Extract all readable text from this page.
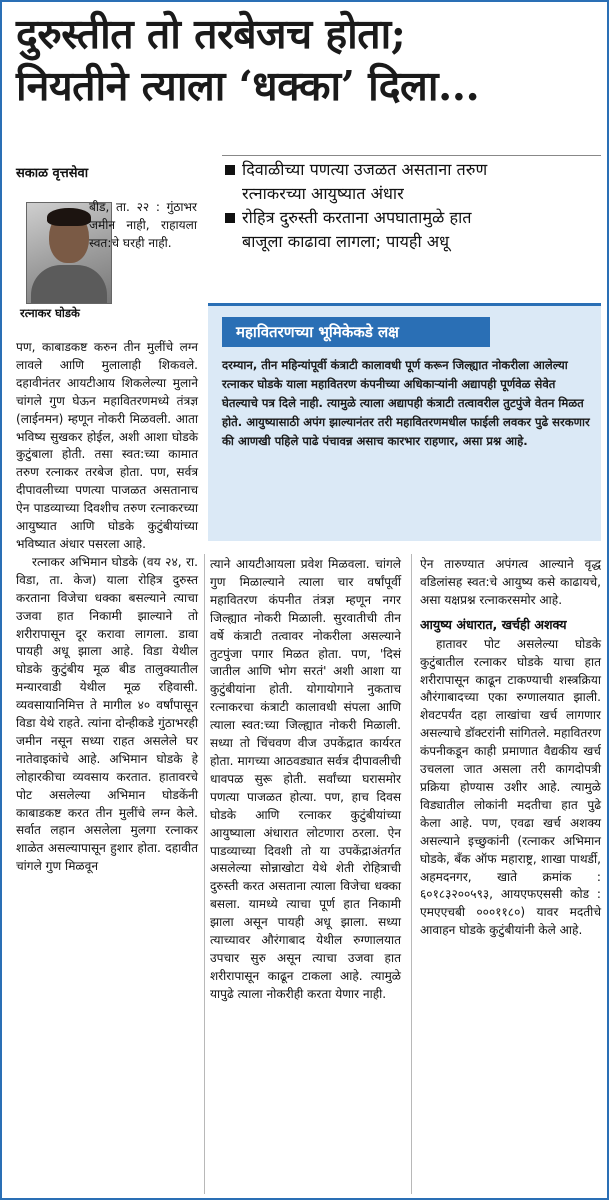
दुरुस्तीत तो तरबेजच होता;
नियतीने त्याला ‘धक्का’ दिला...
सकाळ वृत्तसेवा	दिवाळीच्या पणत्या उजळत असताना तरुण
रत्नाकरच्या आयुष्यात अंधार
रोहित्र दुरुस्ती करताना अपघातामुळे हात
बाजूला काढावा लागला; पायही अधू
रत्नाकर घोडके

बीड, ता. २२ : गुंठाभर जमीन नाही, राहायला स्वत:चे घरही नाही.

पण, काबाडकष्ट करुन तीन मुलींचे लग्न लावले आणि मुलालाही शिकवले. दहावीनंतर आयटीआय शिकलेल्या मुलाने चांगले गुण घेऊन महावितरणमध्ये तंत्रज्ञ (लाईनमन) म्हणून नोकरी मिळवली. आता भविष्य सुखकर होईल, अशी आशा घोडके कुटुंबाला होती. तसा स्वत:च्या कामात तरुण रत्नाकर तरबेज होता. पण, सर्वत्र दीपावलीच्या पणत्या पाजळत असतानाच ऐन पाडव्याच्या दिवशीच तरुण रत्नाकरच्या आयुष्यात आणि घोडके कुटुंबीयांच्या भविष्यात अंधार पसरला आहे.

रत्नाकर अभिमान घोडके (वय २४, रा. विडा, ता. केज) याला रोहित्र दुरुस्त करताना विजेचा धक्का बसल्याने त्याचा उजवा हात निकामी झाल्याने तो शरीरापासून दूर करावा लागला. डावा पायही अधू झाला आहे. विडा येथील घोडके कुटुंबीय मूळ बीड तालुक्यातील मन्यारवाडी येथील मूळ रहिवासी. व्यवसायानिमित्त ते मागील ४० वर्षांपासून विडा येथे राहते. त्यांना दोन्हीकडे गुंठाभरही जमीन नसून सध्या राहत असलेले घर नातेवाइकांचे आहे. अभिमान घोडके हे लोहारकीचा व्यवसाय करतात. हातावरचे पोट असलेल्या अभिमान घोडकेंनी काबाडकष्ट करत तीन मुलींचे लग्न केले. सर्वात लहान असलेला मुलगा रत्नाकर शाळेत असल्यापासून हुशार होता. दहावीत चांगले गुण मिळवून

महावितरणच्या भूमिकेकडे लक्ष
दरम्यान, तीन महिन्यांपूर्वी कंत्राटी कालावधी पूर्ण करून जिल्ह्यात नोकरीला आलेल्या रत्नाकर घोडके याला महावितरण कंपनीच्या अधिकाऱ्यांनी अद्यापही पूर्णवेळ सेवेत घेतल्याचे पत्र दिले नाही. त्यामुळे त्याला अद्यापही कंत्राटी तत्वावरील तुटपुंजे वेतन मिळत होते. आयुष्यासाठी अपंग झाल्यानंतर तरी महावितरणमधील फाईली लवकर पुढे सरकणार की आणखी पहिले पाढे पंचावन्न असाच कारभार राहणार, असा प्रश्न आहे.

त्याने आयटीआयला प्रवेश मिळवला. चांगले गुण मिळाल्याने त्याला चार वर्षांपूर्वी महावितरण कंपनीत तंत्रज्ञ म्हणून नगर जिल्ह्यात नोकरी मिळाली. सुरवातीची तीन वर्षे कंत्राटी तत्वावर नोकरीला असल्याने तुटपुंजा पगार मिळत होता. पण, 'दिसं जातील आणि भोग सरतं' अशी आशा या कुटुंबीयांना होती. योगायोगाने नुकताच रत्नाकरचा कंत्राटी कालावधी संपला आणि त्याला स्वत:च्या जिल्ह्यात नोकरी मिळाली. सध्या तो चिंचवण वीज उपकेंद्रात कार्यरत होता. मागच्या आठवड्यात सर्वत्र दीपावलीची धावपळ सुरू होती. सर्वांच्या घरासमोर पणत्या पाजळत होत्या. पण, हाच दिवस घोडके आणि रत्नाकर कुटुंबीयांच्या आयुष्याला अंधारात लोटणारा ठरला. ऐन पाडव्याच्या दिवशी तो या उपकेंद्राअंतर्गत असलेल्या सोन्नाखोटा येथे शेती रोहित्राची दुरुस्ती करत असताना त्याला विजेचा धक्का बसला. यामध्ये त्याचा पूर्ण हात निकामी झाला असून पायही अधू झाला. सध्या त्याच्यावर औरंगाबाद येथील रुग्णालयात उपचार सुरु असून त्याचा उजवा हात शरीरापासून काढून टाकला आहे. त्यामुळे यापुढे त्याला नोकरीही करता येणार नाही.

ऐन तारुण्यात अपंगत्व आल्याने वृद्ध वडिलांसह स्वत:चे आयुष्य कसे काढायचे, असा यक्षप्रश्न रत्नाकरसमोर आहे.

आयुष्य अंधारात, खर्चही अशक्य

हातावर पोट असलेल्या घोडके कुटुंबातील रत्नाकर घोडके याचा हात शरीरापासून काढून टाकण्याची शस्त्रक्रिया औरंगाबादच्या एका रुग्णालयात झाली. शेवटपर्यंत दहा लाखांचा खर्च लागणार असल्याचे डॉक्टरांनी सांगितले. महावितरण कंपनीकडून काही प्रमाणात वैद्यकीय खर्च उचलला जात असला तरी कागदोपत्री प्रक्रिया होण्यास उशीर आहे. त्यामुळे विड्यातील लोकांनी मदतीचा हात पुढे केला आहे. पण, एवढा खर्च अशक्य असल्याने इच्छुकांनी (रत्नाकर अभिमान घोडके, बँक ऑफ महाराष्ट्र, शाखा पाथर्डी, अहमदनगर, खाते क्रमांक : ६०१८३२००५९३, आयएफएससी कोड : एमएएचबी ०००११८०) यावर मदतीचे आवाहन घोडके कुटुंबीयांनी केले आहे.
